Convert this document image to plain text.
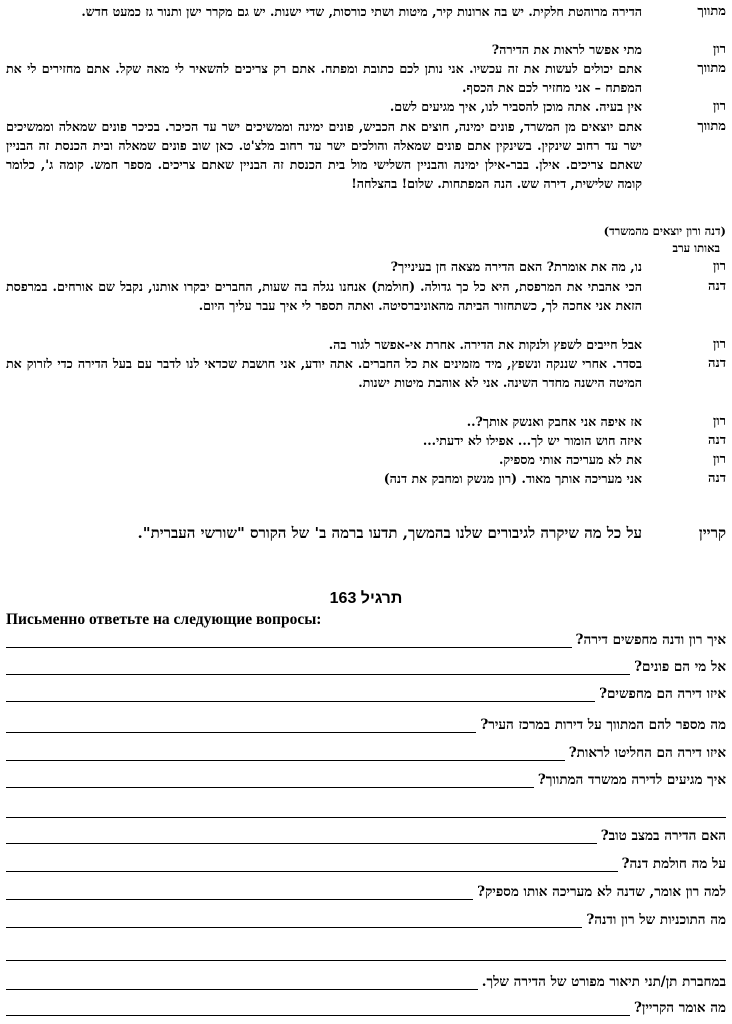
מתווך
הדירה מרוהטת חלקית. יש בה ארונות קיר, מיטות ושתי כורסות, שדי ישנות. יש גם מקרר ישן ותנור גז כמעט חדש.
רון
מתי אפשר לראות את הדירה?
מתווך
אתם יכולים לעשות את זה עכשיו. אני נותן לכם כתובת ומפתח. אתם רק צריכים להשאיר לי מאה שקל. אתם מחזירים לי את המפתח – אני מחזיר לכם את הכסף.
רון
אין בעיה. אתה מוכן להסביר לנו, איך מגיעים לשם.
מתווך
אתם יוצאים מן המשרד, פונים ימינה, חוצים את הכביש, פונים ימינה וממשיכים ישר עד הכיכר. בכיכר פונים שמאלה וממשיכים ישר עד רחוב שינקין. בשינקין אתם פונים שמאלה והולכים ישר עד רחוב מלצ'ט. כאן שוב פונים שמאלה ובית הכנסת זה הבניין שאתם צריכים. אילן. בבר-אילן ימינה והבניין השלישי מול בית הכנסת זה הבניין שאתם צריכים. מספר חמש. קומה ג', כלומר קומה שלישית, דירה שש. הנה המפתחות. שלום! בהצלחה!
(דנה ורון יוצאים מהמשרד)
באותו ערב
רון
נו, מה את אומרת? האם הדירה מצאה חן בעינייך?
דנה
הכי אהבתי את המרפסת, היא כל כך גדולה. (חולמת) אנחנו נגלה בה שעות, החברים יבקרו אותנו, נקבל שם אורחים. במרפסת הזאת אני אחכה לך, כשתחזור הביתה מהאוניברסיטה. ואתה תספר לי איך עבר עליך היום.
רון
אבל חייבים לשפץ ולנקות את הדירה. אחרת אי-אפשר לגור בה.
דנה
בסדר. אחרי שננקה ונשפץ, מיד מזמינים את כל החברים. אתה יודע, אני חושבת שכדאי לנו לדבר עם בעל הדירה כדי לזרוק את המיטה הישנה מחדר השינה. אני לא אוהבת מיטות ישנות.
רון
אז איפה אני אחבק ואנשק אותך?..
דנה
איזה חוש הומור יש לך... אפילו לא ידעתי...
רון
את לא מעריכה אותי מספיק.
דנה
אני מעריכה אותך מאוד. (רון מנשק ומחבק את דנה)
קריין
על כל מה שיקרה לגיבורים שלנו בהמשך, תדעו ברמה ב' של הקורס "שורשי העברית".
תרגיל 163
Письменно ответьте на следующие вопросы:
איך רון ודנה מחפשים דירה?
אל מי הם פונים?
איזו דירה הם מחפשים?
מה מספר להם המתווך על דירות במרכז העיר?
איזו דירה הם החליטו לראות?
איך מגיעים לדירה ממשרד המתווך?
האם הדירה במצב טוב?
על מה חולמת דנה?
למה רון אומר, שדנה לא מעריכה אותו מספיק?
מה התוכניות של רון ודנה?
במחברת תן/תני תיאור מפורט של הדירה שלך.
מה אומר הקריין?
